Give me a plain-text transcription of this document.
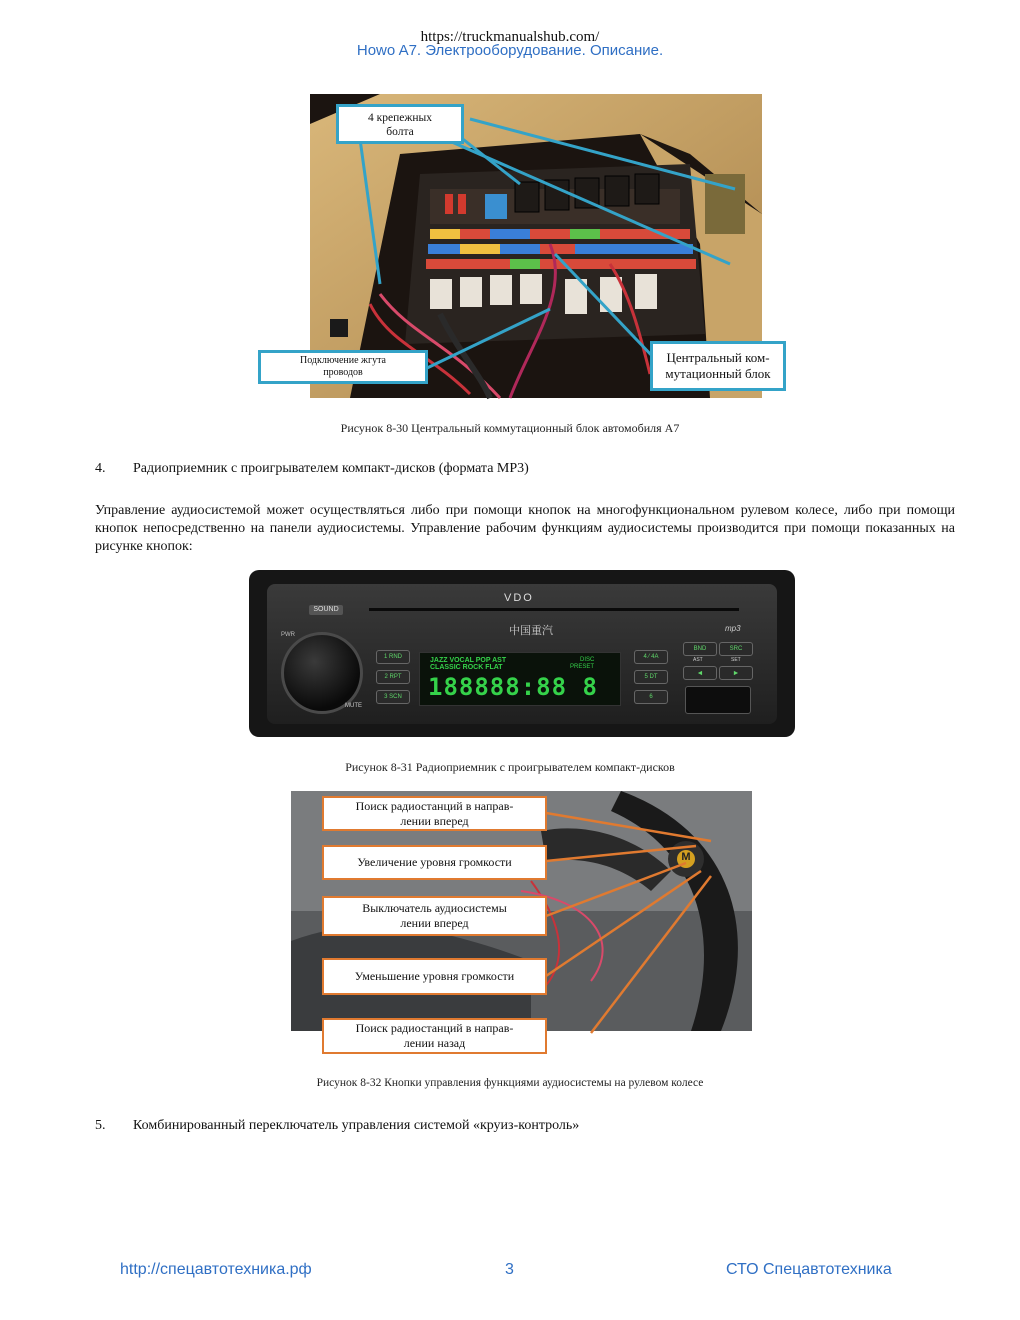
https://truckmanualshub.com/
Howo A7. Электрооборудование. Описание.
4 крепежных
болта
Подключение жгута
проводов
Центральный ком-
мутационный блок
Рисунок 8-30 Центральный коммутационный блок автомобиля А7
4. Радиоприемник с проигрывателем компакт-дисков (формата MP3)
Управление аудиосистемой может осуществляться либо при помощи кнопок на многофункциональном рулевом колесе, либо при помощи кнопок непосредственно на панели аудиосистемы. Управление рабочим функциям аудиосистемы производится при помощи показанных на рисунке кнопок:
VDO
SOUND
中国重汽	mp3
PWR
MUTE
1 RND
2 RPT
3 SCN
JAZZ VOCAL POP AST
CLASSIC ROCK FLAT
DISC
PRESET
188888:88 8
4 ⁄ 4A
5 DT
6
BND	SRC
AST	SET
◄	►
Рисунок 8-31 Радиоприемник с проигрывателем компакт-дисков
M
Поиск радиостанций в направ-
лении вперед
Увеличение уровня громкости
Выключатель аудиосистемы
лении вперед
Уменьшение уровня громкости
Поиск радиостанций в направ-
лении назад
Рисунок 8-32 Кнопки управления функциями аудиосистемы на рулевом колесе
5. Комбинированный переключатель управления системой «круиз-контроль»
http://спецавтотехника.рф	3	СТО Спецавтотехника
